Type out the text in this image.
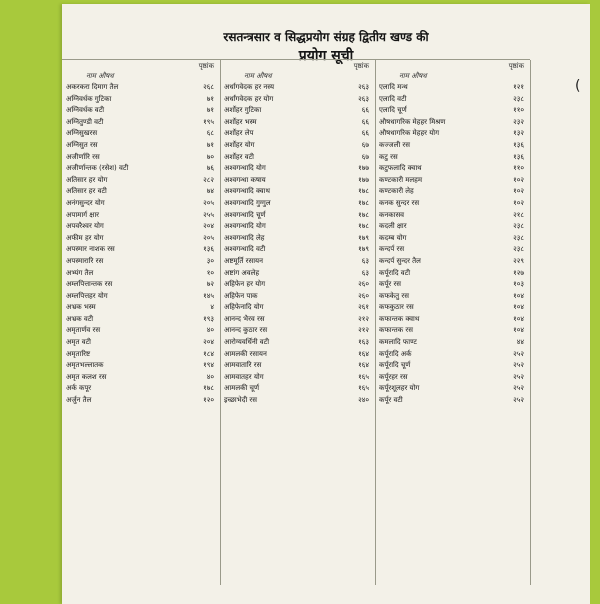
रसतन्त्रसार व सिद्धप्रयोग संग्रह द्वितीय खण्ड की
प्रयोग सूची
नाम औषध
पृष्ठांक
नाम औषध
पृष्ठांक
नाम औषध
पृष्ठांक
अकरकरा दिमाग तैल	२६८
अग्निवर्धक गुटिका	७१
अग्निवर्धक वटी	७१
अग्नितुण्डी वटी	१९५
अग्निसुखरस	६८
अग्निसुत रस	७१
अजीर्णारि रस	७०
अजीर्णान्तक (रसेश) वटी	७६
अतिसार हर योग	२८२
अतिसार हर वटी	७४
अनंगसुन्दर योग	२०५
अपामार्ग क्षार	२५५
अपवरैश्वर योग	२०४
अफीम हर योग	२०५
अपस्मार नाशक रस	१३६
अपस्मारारि रस	३०
अभ्यंग तैल	१०
अम्लपित्तान्तक रस	७२
अम्लपित्तहर योग	१४५
अभ्रक भस्म	४
अभ्रक वटी	१९३
अमृतार्णव रस	४०
अमृत वटी	२०४
अमृतारिष्ट	१८४
अमृतभल्लातक	१९४
अमृत कलश रस	४०
अर्क कपूर	१७८
अर्जुन तैल	१२०
अर्धागवेदक हर नस्य	२६३
अर्धांगवेदक हर योग	२६३
अर्शोहर गुटिका	६६
अर्शोहर भस्म	६६
अर्शोहर लेप	६६
अर्शोहर योग	६७
अर्शोहर वटी	६७
अश्वगन्धादि योग	१७७
अश्वगन्धा कषाय	१७७
अश्वगन्धादि क्वाथ	१७८
अश्वगन्धादि गुग्गुल	१७८
अश्वगन्धादि चूर्ण	१७८
अश्वगन्धादि योग	१७८
अश्वगन्धादि लेह	१७९
अश्वगन्धादि वटी	१७९
अष्टमूर्ति रसायन	६३
अष्टांग अवलेह	६३
अहिफेन हर योग	२६०
अहिफेन पाक	२६०
अहिफेनादि योग	२६१
आनन्द भैरव रस	२१२
आनन्द कुठार रस	२१२
आरोग्यवर्धिनी वटी	१६३
आमलकी रसायन	१६४
आमवातारि रस	१६४
आमवातहर योग	१६५
आमलकी चूर्ण	१६५
इच्छाभेदी रस	२४०
एलादि मन्थ	१२१
एलादि वटी	२३८
एलादि चूर्ण	११०
औषधागरिक मेहहर मिश्रण	२३२
औषधागरिक मेहहर योग	१३२
कज्जली रस	१३६
कटु रस	१३६
कटुफलादि क्वाथ	११०
कण्टकारी मलहम	१०२
कण्टकारी लेह	१०२
कनक सुन्दर रस	१०२
कनकासव	२१८
कदली क्षार	२३८
कदम्ब योग	२३८
कन्दर्प रस	२३८
कन्दर्प सुन्दर तैल	२२९
कर्पूरादि वटी	१२७
कर्पूर रस	१०३
कफकेतु रस	१०४
कफकुठार रस	१०४
कफान्तक क्वाथ	१०४
कफान्तक रस	१०४
कमलादि फाण्ट	४४
कर्पूरादि अर्क	२५२
कर्पूरादि चूर्ण	२५२
कर्पूरहर रस	२५२
कर्पूरशूलहर योग	२५२
कर्पूर वटी	२५२
(
